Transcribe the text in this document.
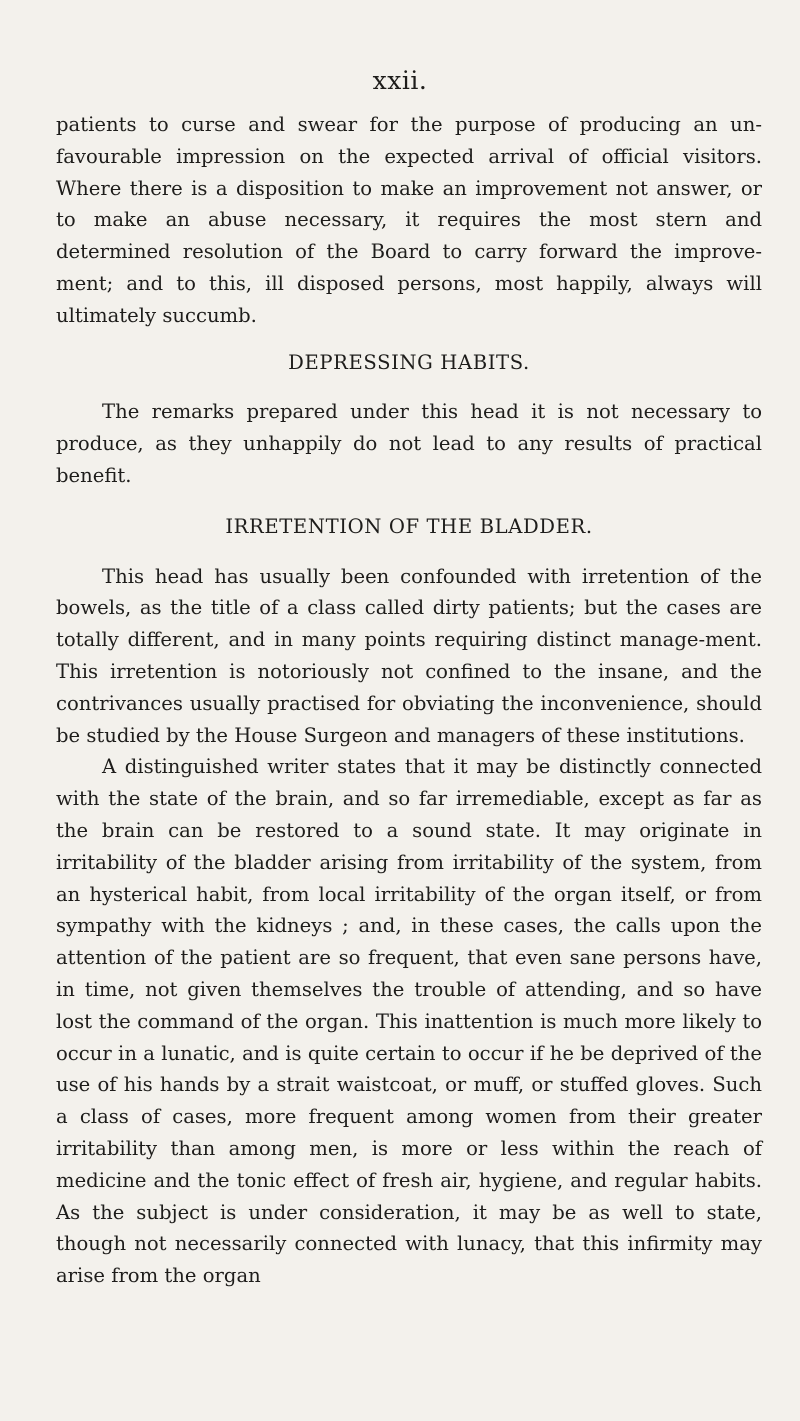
xxii.

patients to curse and swear for the purpose of producing an un-favourable impression on the expected arrival of official visitors. Where there is a disposition to make an improvement not answer, or to make an abuse necessary, it requires the most stern and determined resolution of the Board to carry forward the improve-ment; and to this, ill disposed persons, most happily, always will ultimately succumb.

DEPRESSING HABITS.

The remarks prepared under this head it is not necessary to produce, as they unhappily do not lead to any results of practical benefit.

IRRETENTION OF THE BLADDER.

This head has usually been confounded with irretention of the bowels, as the title of a class called dirty patients; but the cases are totally different, and in many points requiring distinct manage-ment. This irretention is notoriously not confined to the insane, and the contrivances usually practised for obviating the inconvenience, should be studied by the House Surgeon and managers of these institutions.

A distinguished writer states that it may be distinctly connected with the state of the brain, and so far irremediable, except as far as the brain can be restored to a sound state. It may originate in irritability of the bladder arising from irritability of the system, from an hysterical habit, from local irritability of the organ itself, or from sympathy with the kidneys ; and, in these cases, the calls upon the attention of the patient are so frequent, that even sane persons have, in time, not given themselves the trouble of attending, and so have lost the command of the organ. This inattention is much more likely to occur in a lunatic, and is quite certain to occur if he be deprived of the use of his hands by a strait waistcoat, or muff, or stuffed gloves. Such a class of cases, more frequent among women from their greater irritability than among men, is more or less within the reach of medicine and the tonic effect of fresh air, hygiene, and regular habits. As the subject is under consideration, it may be as well to state, though not necessarily connected with lunacy, that this infirmity may arise from the organ
